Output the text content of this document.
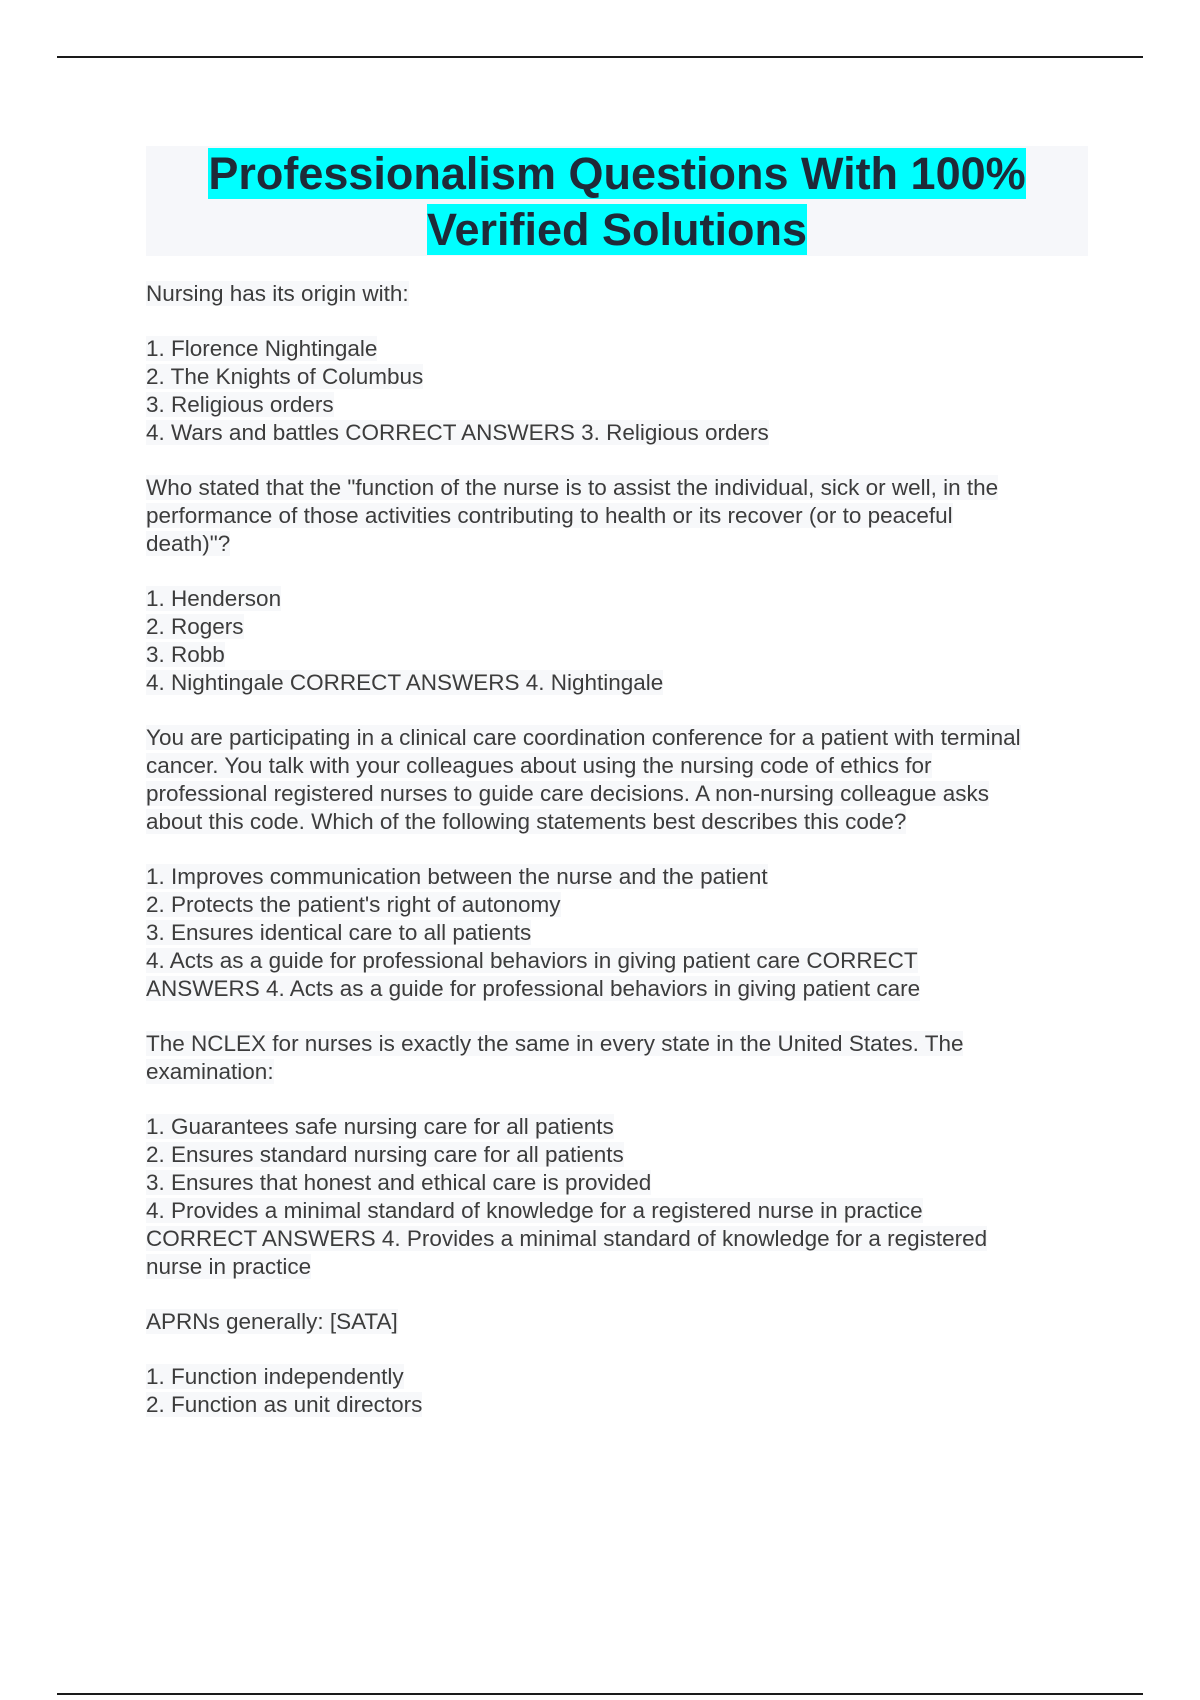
Professionalism Questions With 100%
Verified Solutions
Nursing has its origin with:
1. Florence Nightingale
2. The Knights of Columbus
3. Religious orders
4. Wars and battles CORRECT ANSWERS 3. Religious orders
Who stated that the "function of the nurse is to assist the individual, sick or well, in the
performance of those activities contributing to health or its recover (or to peaceful
death)"?
1. Henderson
2. Rogers
3. Robb
4. Nightingale CORRECT ANSWERS 4. Nightingale
You are participating in a clinical care coordination conference for a patient with terminal
cancer. You talk with your colleagues about using the nursing code of ethics for
professional registered nurses to guide care decisions. A non-nursing colleague asks
about this code. Which of the following statements best describes this code?
1. Improves communication between the nurse and the patient
2. Protects the patient's right of autonomy
3. Ensures identical care to all patients
4. Acts as a guide for professional behaviors in giving patient care CORRECT
ANSWERS 4. Acts as a guide for professional behaviors in giving patient care
The NCLEX for nurses is exactly the same in every state in the United States. The
examination:
1. Guarantees safe nursing care for all patients
2. Ensures standard nursing care for all patients
3. Ensures that honest and ethical care is provided
4. Provides a minimal standard of knowledge for a registered nurse in practice
CORRECT ANSWERS 4. Provides a minimal standard of knowledge for a registered
nurse in practice
APRNs generally: [SATA]
1. Function independently
2. Function as unit directors
